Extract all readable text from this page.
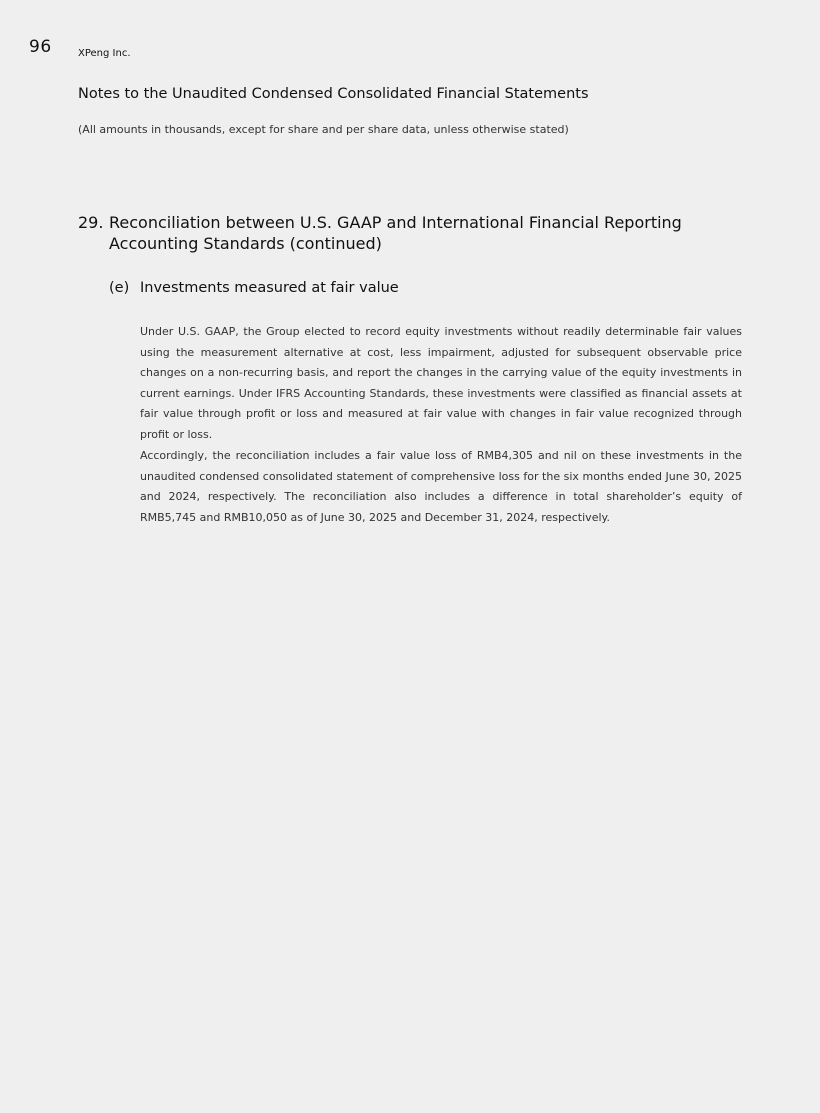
96	XPeng Inc.
Notes to the Unaudited Condensed Consolidated Financial Statements

(All amounts in thousands, except for share and per share data, unless otherwise stated)

29. Reconciliation between U.S. GAAP and International Financial Reporting Accounting Standards (continued)
(e) Investments measured at fair value

Under U.S. GAAP, the Group elected to record equity investments without readily determinable fair values using the measurement alternative at cost, less impairment, adjusted for subsequent observable price changes on a non-recurring basis, and report the changes in the carrying value of the equity investments in current earnings. Under IFRS Accounting Standards, these investments were classified as financial assets at fair value through profit or loss and measured at fair value with changes in fair value recognized through profit or loss.

Accordingly, the reconciliation includes a fair value loss of RMB4,305 and nil on these investments in the unaudited condensed consolidated statement of comprehensive loss for the six months ended June 30, 2025 and 2024, respectively. The reconciliation also includes a difference in total shareholder’s equity of RMB5,745 and RMB10,050 as of June 30, 2025 and December 31, 2024, respectively.
